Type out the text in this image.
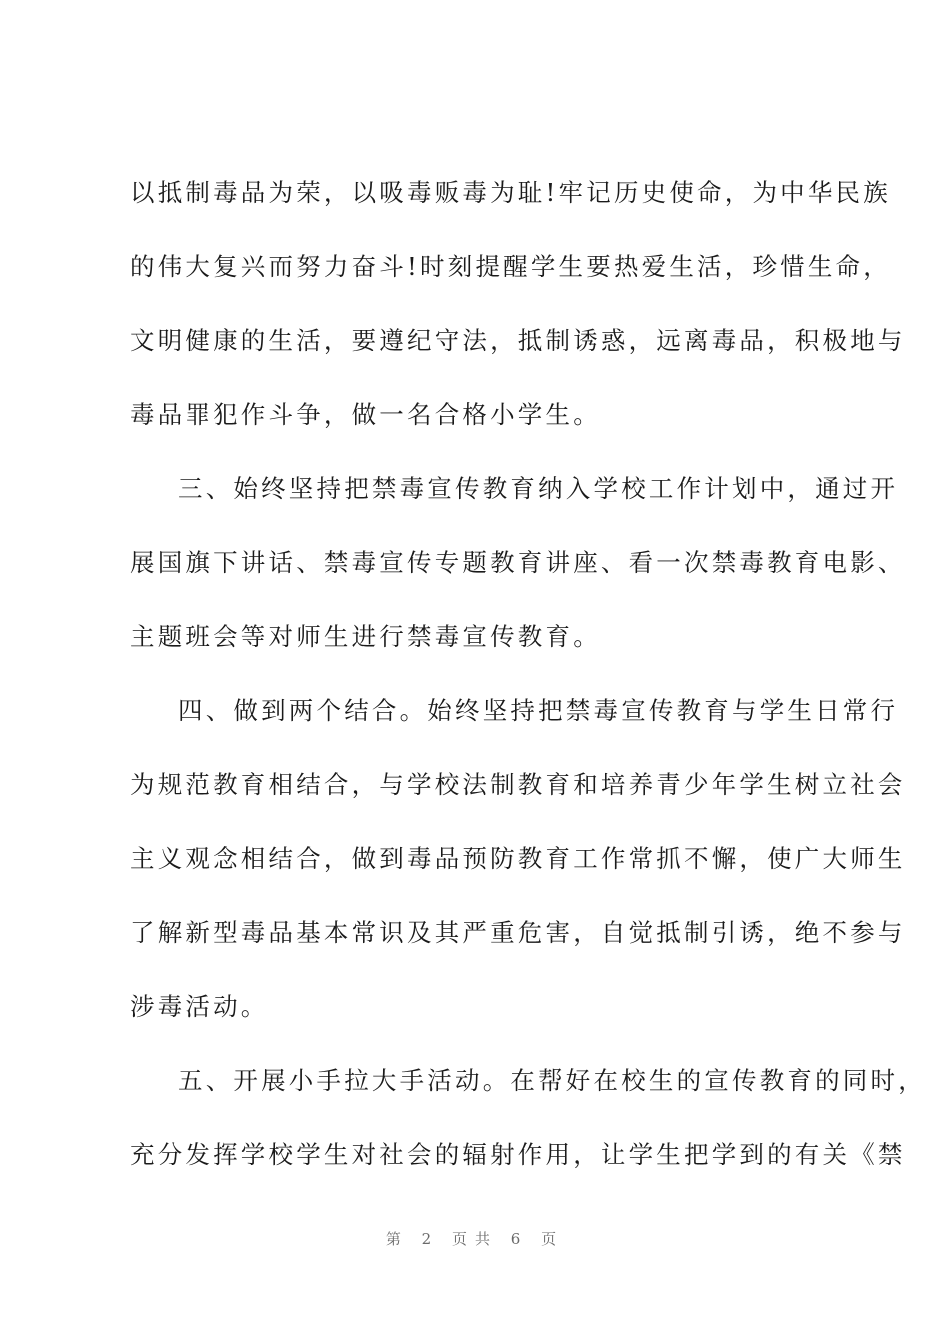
以抵制毒品为荣，以吸毒贩毒为耻!牢记历史使命，为中华民族
的伟大复兴而努力奋斗!时刻提醒学生要热爱生活，珍惜生命，
文明健康的生活，要遵纪守法，抵制诱惑，远离毒品，积极地与
毒品罪犯作斗争，做一名合格小学生。
三、始终坚持把禁毒宣传教育纳入学校工作计划中，通过开
展国旗下讲话、禁毒宣传专题教育讲座、看一次禁毒教育电影、
主题班会等对师生进行禁毒宣传教育。
四、做到两个结合。始终坚持把禁毒宣传教育与学生日常行
为规范教育相结合，与学校法制教育和培养青少年学生树立社会
主义观念相结合，做到毒品预防教育工作常抓不懈，使广大师生
了解新型毒品基本常识及其严重危害，自觉抵制引诱，绝不参与
涉毒活动。
五、开展小手拉大手活动。在帮好在校生的宣传教育的同时，
充分发挥学校学生对社会的辐射作用，让学生把学到的有关《禁
第 2 页共 6 页
